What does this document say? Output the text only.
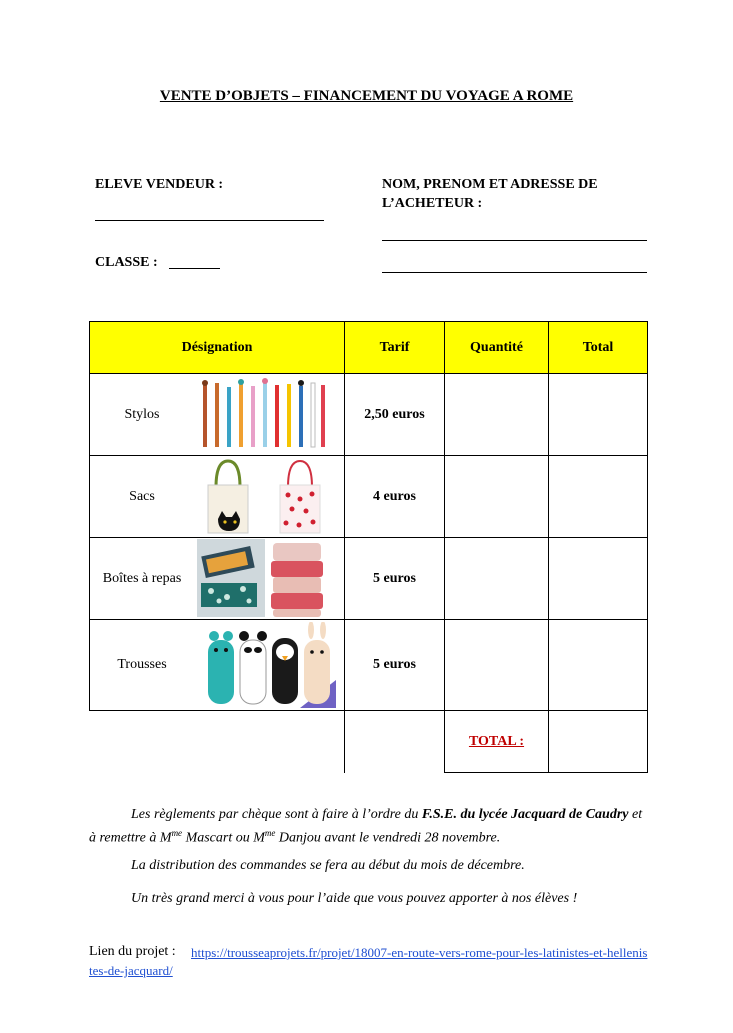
VENTE D’OBJETS – FINANCEMENT DU VOYAGE A ROME
ELEVE VENDEUR :
CLASSE :
NOM, PRENOM ET ADRESSE DE
L’ACHETEUR :
Désignation	Tarif	Quantité	Total

Stylos	2,50 euros		

Sacs	4 euros		

Boîtes à repas	5 euros		

Trousses	5 euros		
		TOTAL :	
Les règlements par chèque sont à faire à l’ordre du F.S.E. du lycée Jacquard de Caudry et à remettre à $M^{me}$ Mascart ou $M^{me}$ Danjou avant le vendredi 28 novembre.
La distribution des commandes se fera au début du mois de décembre.
Un très grand merci à vous pour l’aide que vous pouvez apporter à nos élèves !
Lien du projet :	https://trousseaprojets.fr/projet/18007-en-route-vers-rome-pour-les-latinistes-et-hellenistes-de-jacquard/
